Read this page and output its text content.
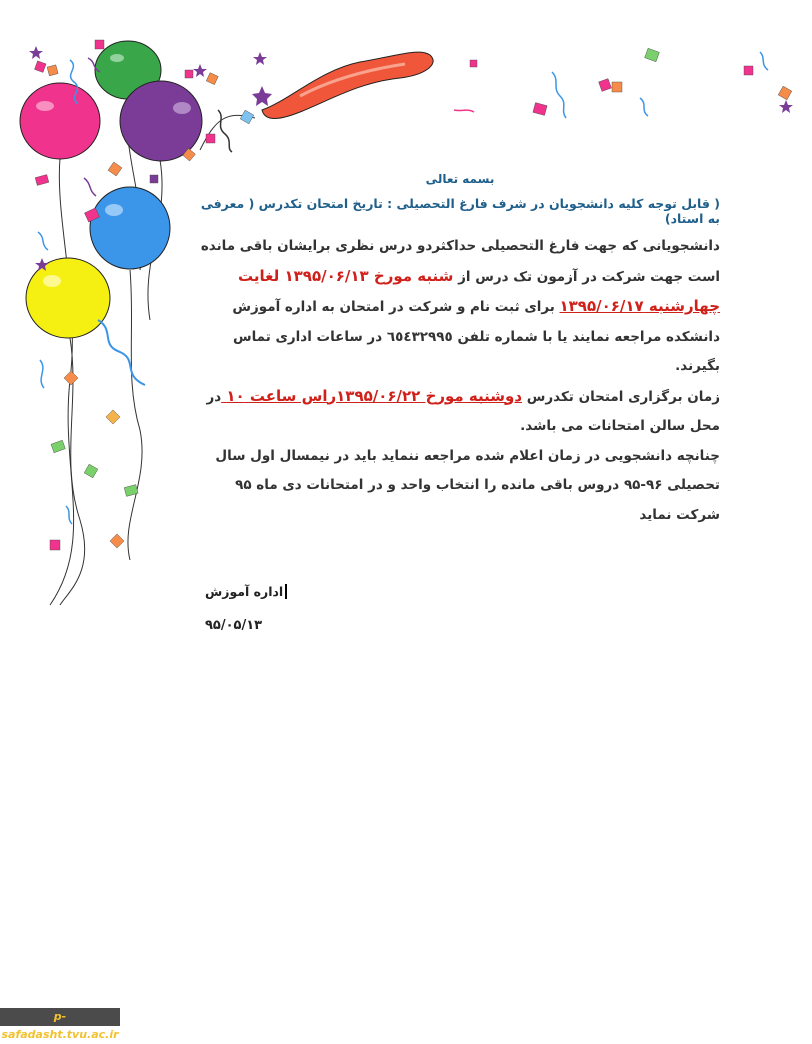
بسمه تعالی
( قابل توجه کلیه دانشجویان در شرف فارغ التحصیلی : تاریخ امتحان تکدرس ( معرفی به استاد)

دانشجویانی که جهت فارغ التحصیلی حداکثردو درس نظری برایشان باقی مانده است جهت شرکت در آزمون تک درس از شنبه مورخ ۱۳۹۵/۰۶/۱۳ لغایت چهارشنبه ۱۳۹۵/۰۶/۱۷ برای ثبت نام و شرکت در امتحان به اداره آموزش دانشکده مراجعه نمایند یا با شماره تلفن ٦٥٤٣٢٩٩٥ در ساعات اداری تماس بگیرند.

زمان برگزاری امتحان تکدرس دوشنبه مورخ ۱۳۹۵/۰۶/۲۲راس ساعت ۱۰ در محل سالن امتحانات می باشد.

چنانچه دانشجویی در زمان اعلام شده مراجعه ننماید باید در نیمسال اول سال تحصیلی ۹۶-۹۵ دروس باقی مانده را انتخاب واحد و در امتحانات دی ماه ۹۵ شرکت نماید

اداره آموزش
۹۵/۰۵/۱۳
p-safadasht.tvu.ac.ir
